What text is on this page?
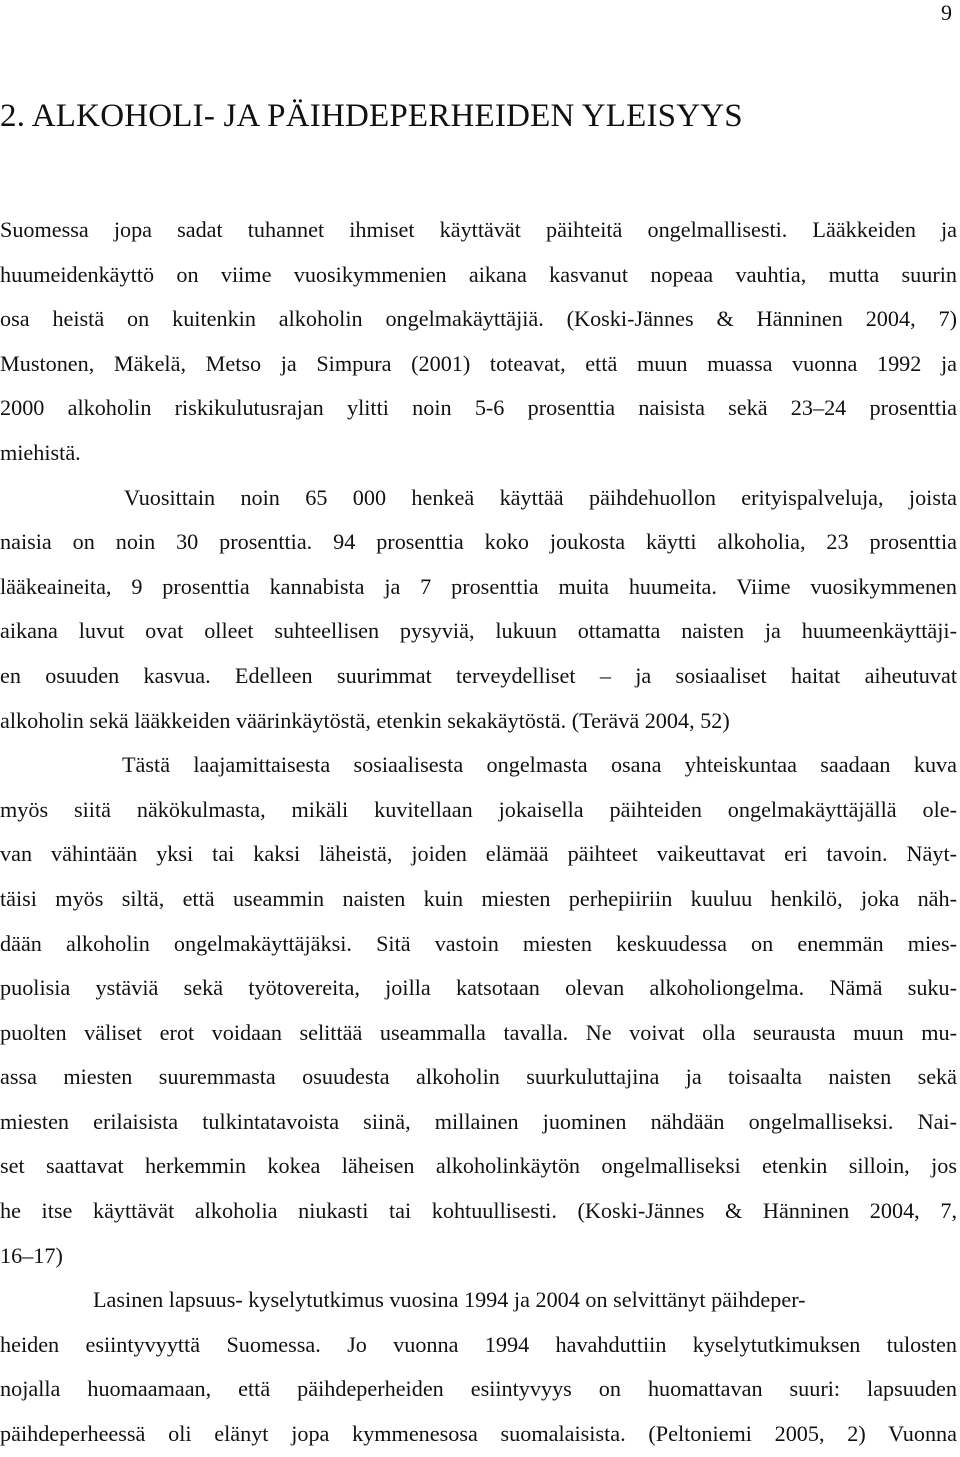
9
2. ALKOHOLI- JA PÄIHDEPERHEIDEN YLEISYYS
Suomessa jopa sadat tuhannet ihmiset käyttävät päihteitä ongelmallisesti. Lääkkeiden ja
huumeidenkäyttö on viime vuosikymmenien aikana kasvanut nopeaa vauhtia, mutta suurin
osa heistä on kuitenkin alkoholin ongelmakäyttäjiä. (Koski-Jännes & Hänninen 2004, 7)
Mustonen, Mäkelä, Metso ja Simpura (2001) toteavat, että muun muassa vuonna 1992 ja
2000 alkoholin riskikulutusrajan ylitti noin 5-6 prosenttia naisista sekä 23–24 prosenttia
miehistä.
Vuosittain noin 65 000 henkeä käyttää päihdehuollon erityispalveluja, joista
naisia on noin 30 prosenttia. 94 prosenttia koko joukosta käytti alkoholia, 23 prosenttia
lääkeaineita, 9 prosenttia kannabista ja 7 prosenttia muita huumeita. Viime vuosikymmenen
aikana luvut ovat olleet suhteellisen pysyviä, lukuun ottamatta naisten ja huumeenkäyttäji-
en osuuden kasvua. Edelleen suurimmat terveydelliset – ja sosiaaliset haitat aiheutuvat
alkoholin sekä lääkkeiden väärinkäytöstä, etenkin sekakäytöstä. (Terävä 2004, 52)
Tästä laajamittaisesta sosiaalisesta ongelmasta osana yhteiskuntaa saadaan kuva
myös siitä näkökulmasta, mikäli kuvitellaan jokaisella päihteiden ongelmakäyttäjällä ole-
van vähintään yksi tai kaksi läheistä, joiden elämää päihteet vaikeuttavat eri tavoin. Näyt-
täisi myös siltä, että useammin naisten kuin miesten perhepiiriin kuuluu henkilö, joka näh-
dään alkoholin ongelmakäyttäjäksi. Sitä vastoin miesten keskuudessa on enemmän mies-
puolisia ystäviä sekä työtovereita, joilla katsotaan olevan alkoholiongelma. Nämä suku-
puolten väliset erot voidaan selittää useammalla tavalla. Ne voivat olla seurausta muun mu-
assa miesten suuremmasta osuudesta alkoholin suurkuluttajina ja toisaalta naisten sekä
miesten erilaisista tulkintatavoista siinä, millainen juominen nähdään ongelmalliseksi. Nai-
set saattavat herkemmin kokea läheisen alkoholinkäytön ongelmalliseksi etenkin silloin, jos
he itse käyttävät alkoholia niukasti tai kohtuullisesti. (Koski-Jännes & Hänninen 2004, 7,
16–17)
Lasinen lapsuus- kyselytutkimus vuosina 1994 ja 2004 on selvittänyt päihdeper-
heiden esiintyvyyttä Suomessa. Jo vuonna 1994 havahduttiin kyselytutkimuksen tulosten
nojalla huomaamaan, että päihdeperheiden esiintyvyys on huomattavan suuri: lapsuuden
päihdeperheessä oli elänyt jopa kymmenesosa suomalaisista. (Peltoniemi 2005, 2) Vuonna
